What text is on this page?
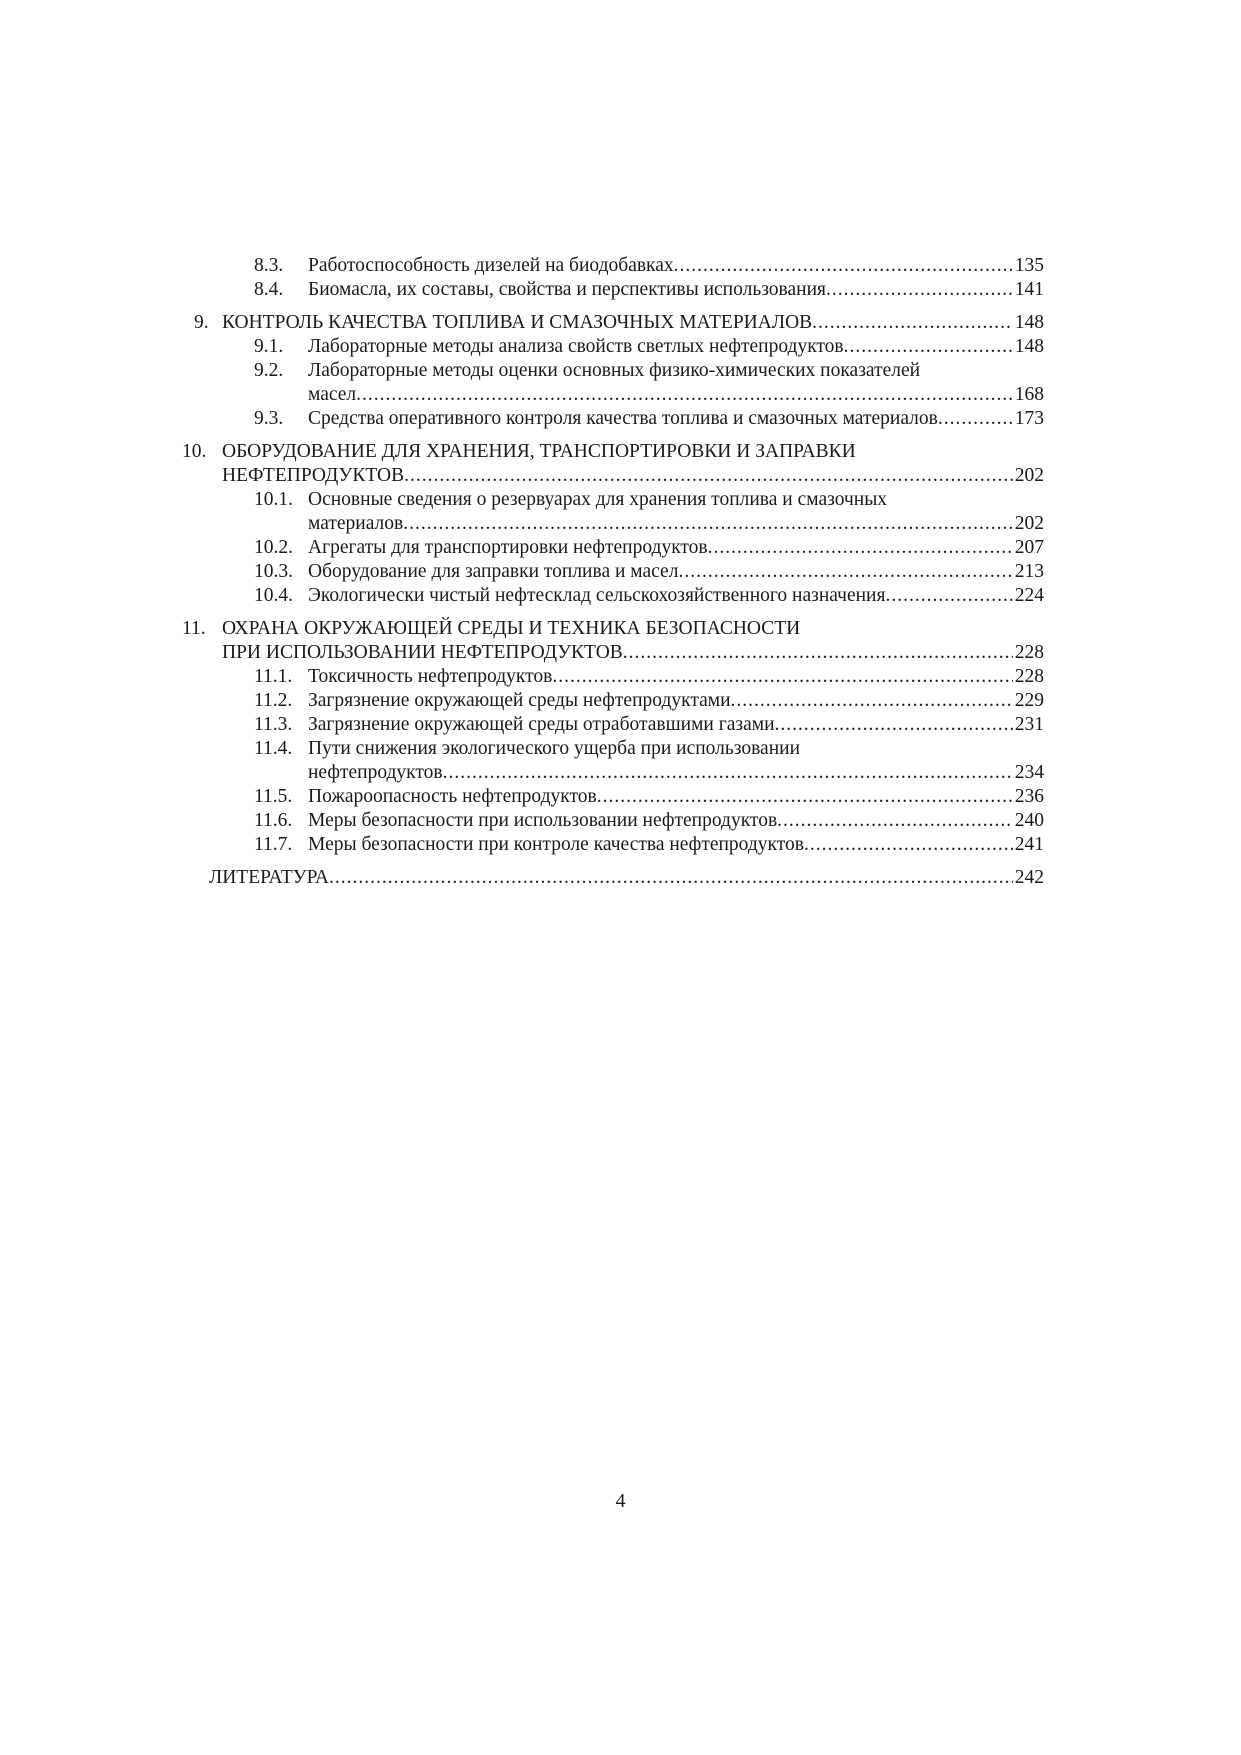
8.3. Работоспособность дизелей на биодобавках .....	135
8.4. Биомасла, их составы, свойства и перспективы использования .....	141
9. КОНТРОЛЬ КАЧЕСТВА ТОПЛИВА И СМАЗОЧНЫХ МАТЕРИАЛОВ .....	148
9.1. Лабораторные методы анализа свойств светлых нефтепродуктов .....	148
9.2. Лабораторные методы оценки основных физико-химических показателей
масел .....	168
9.3. Средства оперативного контроля качества топлива и смазочных материалов .....	173
10. ОБОРУДОВАНИЕ ДЛЯ ХРАНЕНИЯ, ТРАНСПОРТИРОВКИ И ЗАПРАВКИ
НЕФТЕПРОДУКТОВ .....	202
10.1. Основные сведения о резервуарах для хранения топлива и смазочных
материалов .....	202
10.2. Агрегаты для транспортировки нефтепродуктов .....	207
10.3. Оборудование для заправки топлива и масел .....	213
10.4. Экологически чистый нефтесклад сельскохозяйственного назначения .....	224
11. ОХРАНА ОКРУЖАЮЩЕЙ СРЕДЫ И ТЕХНИКА БЕЗОПАСНОСТИ
ПРИ ИСПОЛЬЗОВАНИИ НЕФТЕПРОДУКТОВ .....	228
11.1. Токсичность нефтепродуктов .....	228
11.2. Загрязнение окружающей среды нефтепродуктами .....	229
11.3. Загрязнение окружающей среды отработавшими газами .....	231
11.4. Пути снижения экологического ущерба при использовании
нефтепродуктов .....	234
11.5. Пожароопасность нефтепродуктов .....	236
11.6. Меры безопасности при использовании нефтепродуктов .....	240
11.7. Меры безопасности при контроле качества нефтепродуктов .....	241
ЛИТЕРАТУРА .....	242
4
